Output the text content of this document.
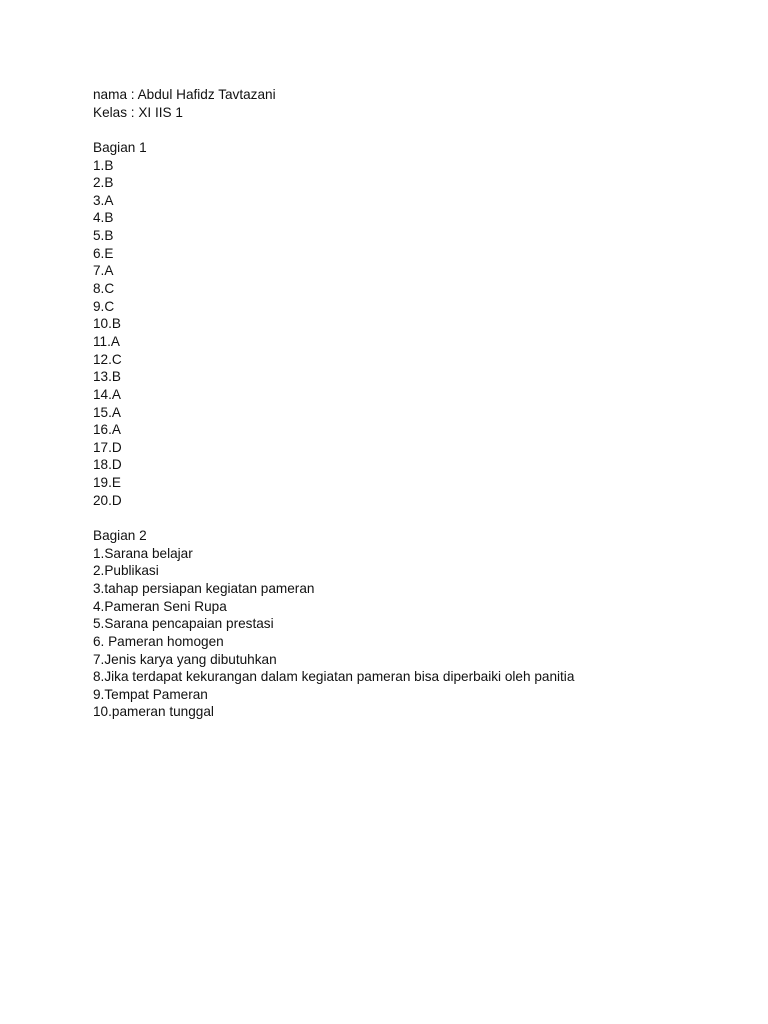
nama : Abdul Hafidz Tavtazani
Kelas : XI IIS 1
Bagian 1
1.B
2.B
3.A
4.B
5.B
6.E
7.A
8.C
9.C
10.B
11.A
12.C
13.B
14.A
15.A
16.A
17.D
18.D
19.E
20.D
Bagian 2
1.Sarana belajar
2.Publikasi
3.tahap persiapan kegiatan pameran
4.Pameran Seni Rupa
5.Sarana pencapaian prestasi
6. Pameran homogen
7.Jenis karya yang dibutuhkan
8.Jika terdapat kekurangan dalam kegiatan pameran bisa diperbaiki oleh panitia
9.Tempat Pameran
10.pameran tunggal
